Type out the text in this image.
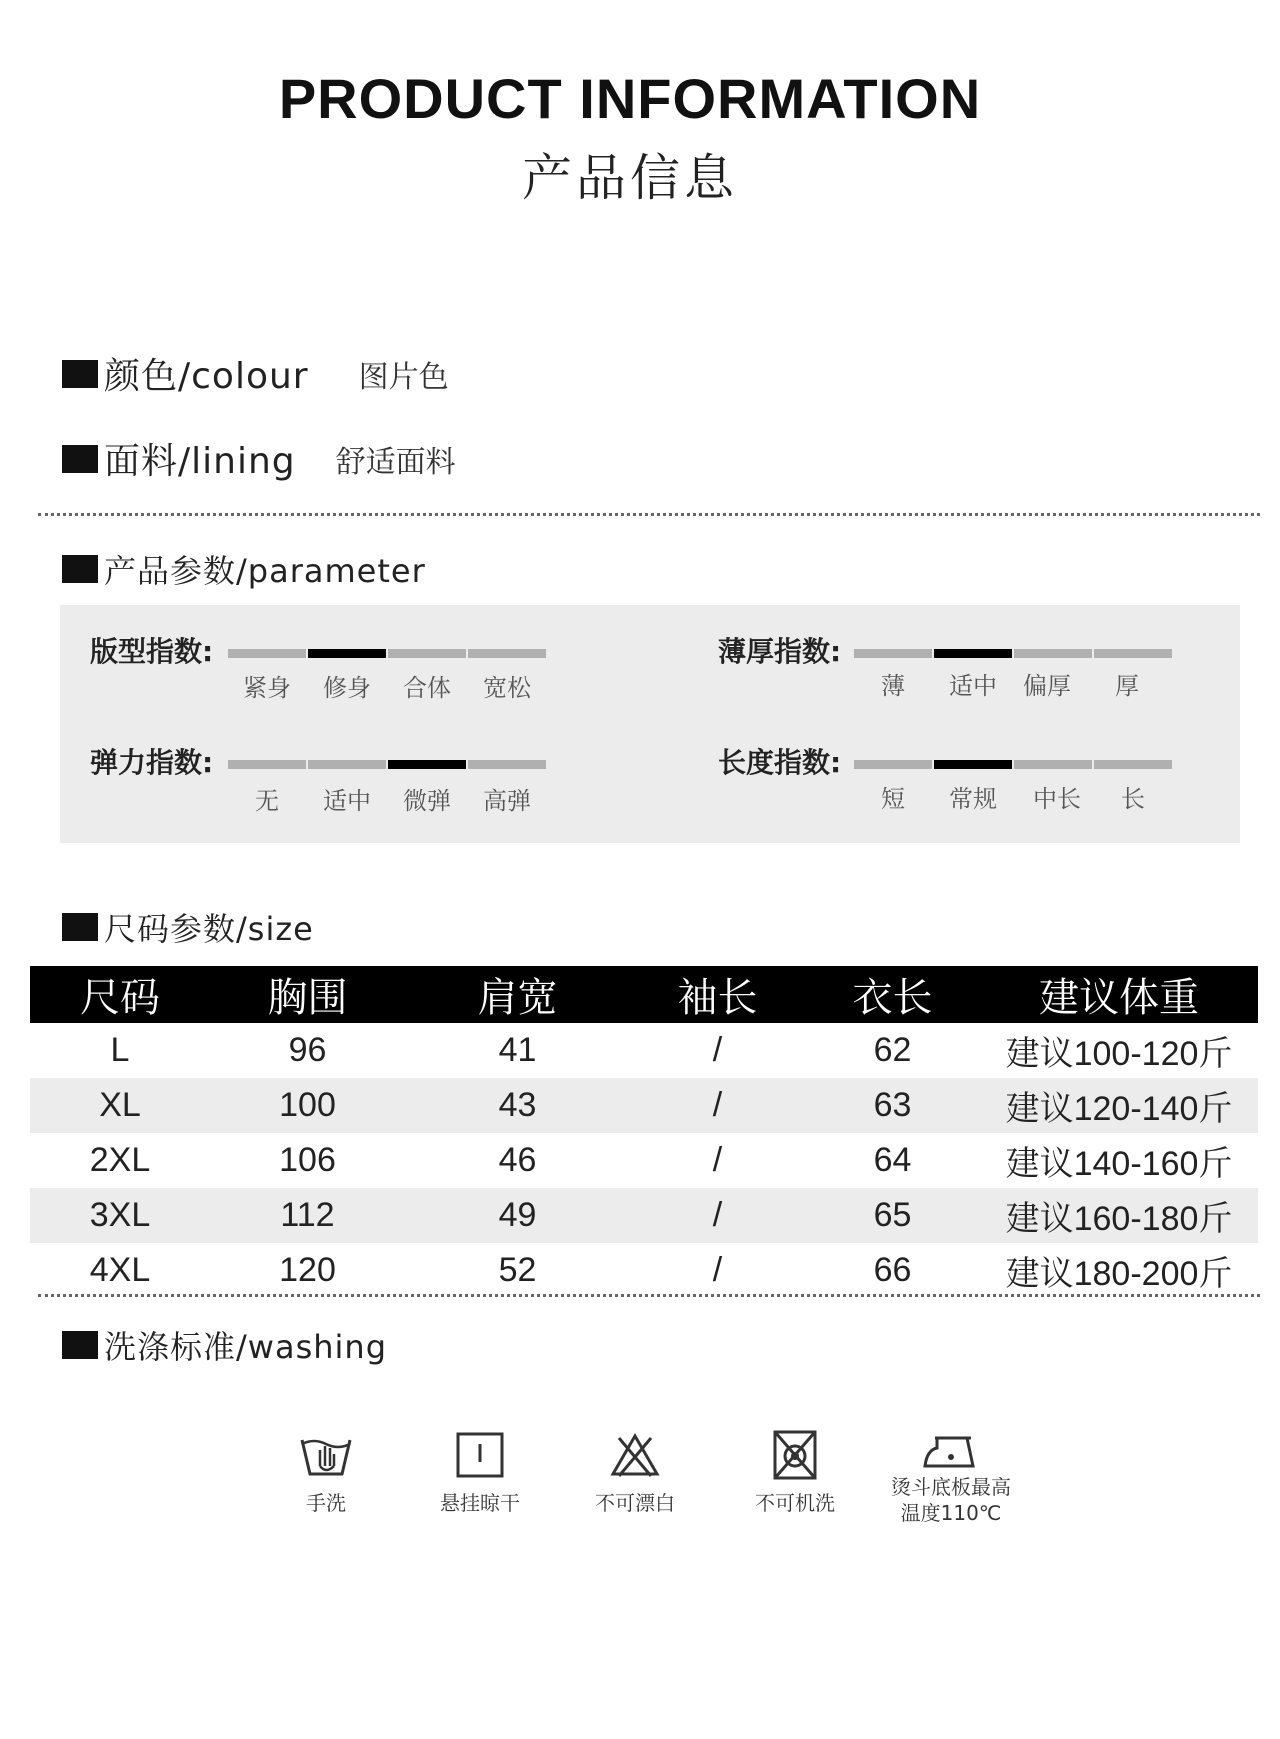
PRODUCT INFORMATION
产品信息
颜色/colour 图片色
面料/lining 舒适面料
产品参数/parameter
版型指数:
紧身	修身	合体	宽松
薄厚指数:
薄	适中	偏厚	厚
弹力指数:
无	适中	微弹	高弹
长度指数:
短	常规	中长	长
尺码参数/size
尺码	胸围	肩宽	袖长	衣长	建议体重
L	96	41	/	62	建议100-120斤
XL	100	43	/	63	建议120-140斤
2XL	106	46	/	64	建议140-160斤
3XL	112	49	/	65	建议160-180斤
4XL	120	52	/	66	建议180-200斤
洗涤标准/washing
手洗	悬挂晾干	不可漂白	不可机洗
烫斗底板最高
温度110℃
